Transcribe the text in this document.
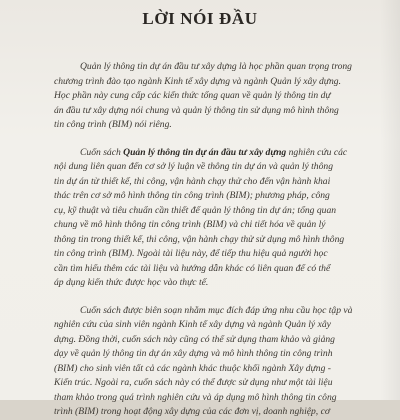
LỜI NÓI ĐẦU
Quản lý thông tin dự án đầu tư xây dựng là học phần quan trọng trong
chương trình đào tạo ngành Kinh tế xây dựng và ngành Quản lý xây dựng.
Học phần này cung cấp các kiến thức tổng quan về quản lý thông tin dự
án đầu tư xây dựng nói chung và quản lý thông tin sử dụng mô hình thông
tin công trình (BIM) nói riêng.
Cuốn sách Quản lý thông tin dự án đầu tư xây dựng nghiên cứu các
nội dung liên quan đến cơ sở lý luận về thông tin dự án và quản lý thông
tin dự án từ thiết kế, thi công, vận hành chạy thử cho đến vận hành khai
thác trên cơ sở mô hình thông tin công trình (BIM); phương pháp, công
cụ, kỹ thuật và tiêu chuẩn cần thiết để quản lý thông tin dự án; tổng quan
chung về mô hình thông tin công trình (BIM) và chi tiết hóa về quản lý
thông tin trong thiết kế, thi công, vận hành chạy thử sử dụng mô hình thông
tin công trình (BIM). Ngoài tài liệu này, để tiếp thu hiệu quả người học
cần tìm hiểu thêm các tài liệu và hướng dẫn khác có liên quan để có thể
áp dụng kiến thức được học vào thực tế.
Cuốn sách được biên soạn nhằm mục đích đáp ứng nhu cầu học tập và
nghiên cứu của sinh viên ngành Kinh tế xây dựng và ngành Quản lý xây
dựng. Đồng thời, cuốn sách này cũng có thể sử dụng tham khảo và giảng
dạy về quản lý thông tin dự án xây dựng và mô hình thông tin công trình
(BIM) cho sinh viên tất cả các ngành khác thuộc khối ngành Xây dựng -
Kiến trúc. Ngoài ra, cuốn sách này có thể được sử dụng như một tài liệu
tham khảo trong quá trình nghiên cứu và áp dụng mô hình thông tin công
trình (BIM) trong hoạt động xây dựng của các đơn vị, doanh nghiệp, cơ
